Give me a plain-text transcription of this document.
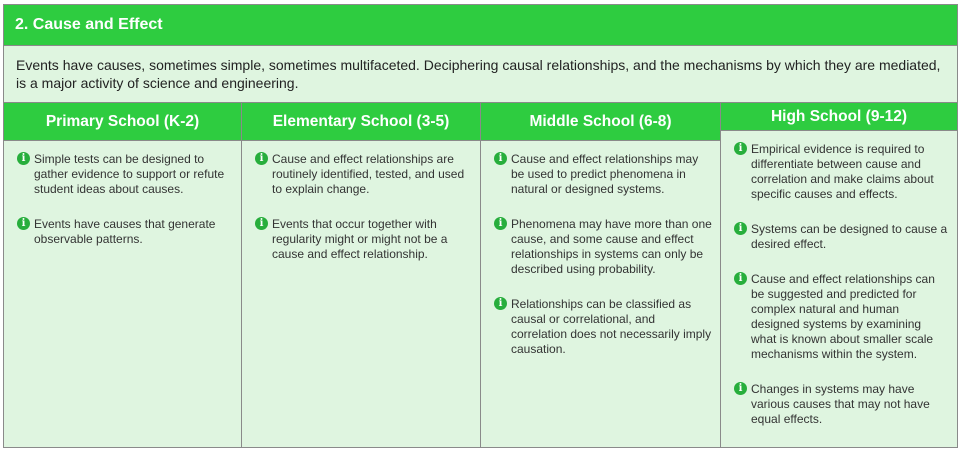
2. Cause and Effect
Events have causes, sometimes simple, sometimes multifaceted. Deciphering causal relationships, and the mechanisms by which they are mediated, is a major activity of science and engineering.
Primary School (K-2)
i Simple tests can be designed to gather evidence to support or refute student ideas about causes.
i Events have causes that generate observable patterns.
Elementary School (3-5)
i Cause and effect relationships are routinely identified, tested, and used to explain change.
i Events that occur together with regularity might or might not be a cause and effect relationship.
Middle School (6-8)
i Cause and effect relationships may be used to predict phenomena in natural or designed systems.
i Phenomena may have more than one cause, and some cause and effect relationships in systems can only be described using probability.
i Relationships can be classified as causal or correlational, and correlation does not necessarily imply causation.
High School (9-12)
i Empirical evidence is required to differentiate between cause and correlation and make claims about specific causes and effects.
i Systems can be designed to cause a desired effect.
i Cause and effect relationships can be suggested and predicted for complex natural and human designed systems by examining what is known about smaller scale mechanisms within the system.
i Changes in systems may have various causes that may not have equal effects.
